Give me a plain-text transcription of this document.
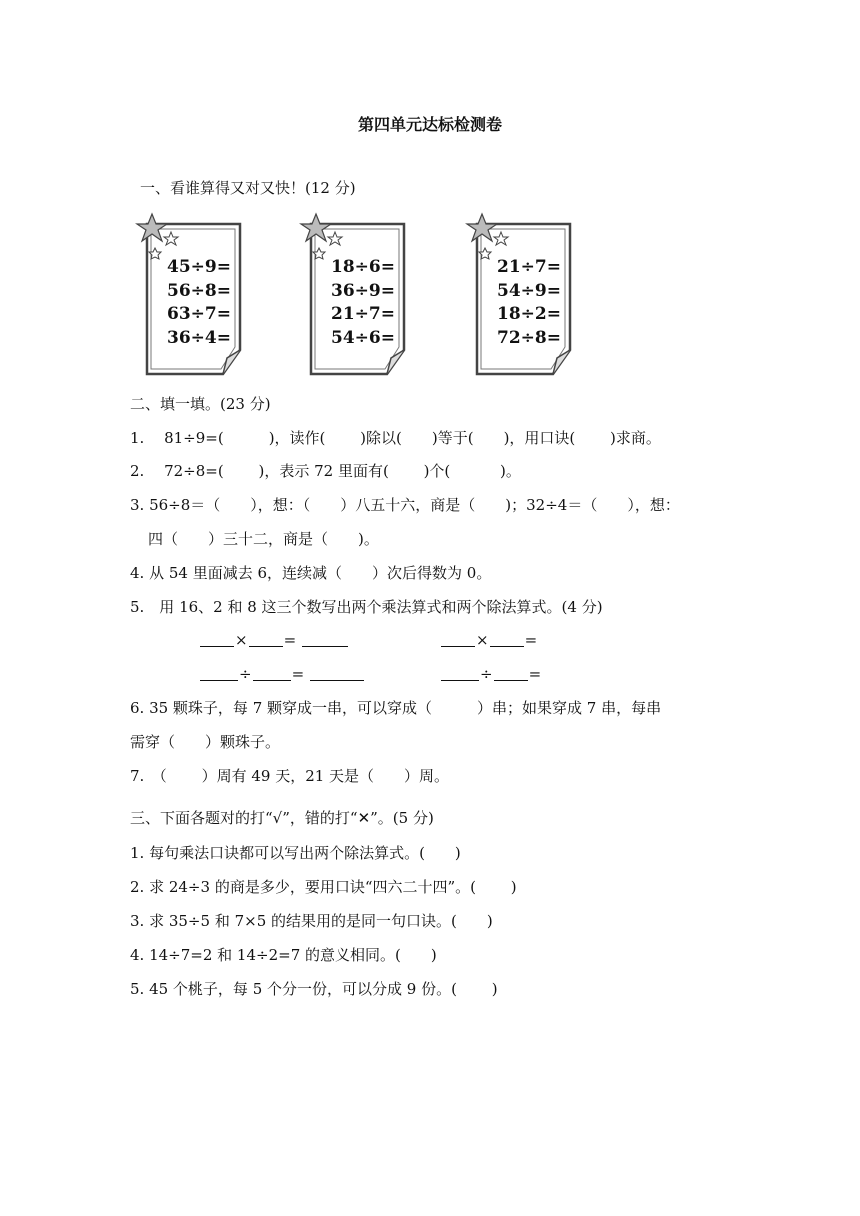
第四单元达标检测卷
一、看谁算得又对又快！(12 分)
45÷9=
56÷8=
63÷7=
36÷4=
18÷6=
36÷9=
21÷7=
54÷6=
21÷7=
54÷9=
18÷2=
72÷8=
二、填一填。(23 分)
1.　 81÷9=(　　　)，读作(　　 )除以(　　)等于(　　)，用口诀(　　 )求商。
2.　 72÷8=(　　 )，表示 72 里面有(　　 )个(　　　 )。
3. 56÷8＝（　　），想：（　　）八五十六，商是（　　)；32÷4＝（　　），想：
四（　　）三十二，商是（　　)。
4. 从 54 里面减去 6，连续减（　　）次后得数为 0。
5.　用 16、2 和 8 这三个数写出两个乘法算式和两个除法算式。(4 分)
× =	× =
÷	=	÷ =
6. 35 颗珠子，每 7 颗穿成一串，可以穿成（　　　）串；如果穿成 7 串，每串
需穿（　　）颗珠子。
7.　（　　 ）周有 49 天，21 天是（　　）周。
三、下面各题对的打“√”，错的打“✕”。(5 分)
1. 每句乘法口诀都可以写出两个除法算式。(　　)
2. 求 24÷3 的商是多少，要用口诀“四六二十四”。(　　 )
3. 求 35÷5 和 7×5 的结果用的是同一句口诀。(　　)
4. 14÷7=2 和 14÷2=7 的意义相同。(　　)
5. 45 个桃子，每 5 个分一份，可以分成 9 份。(　　 )
